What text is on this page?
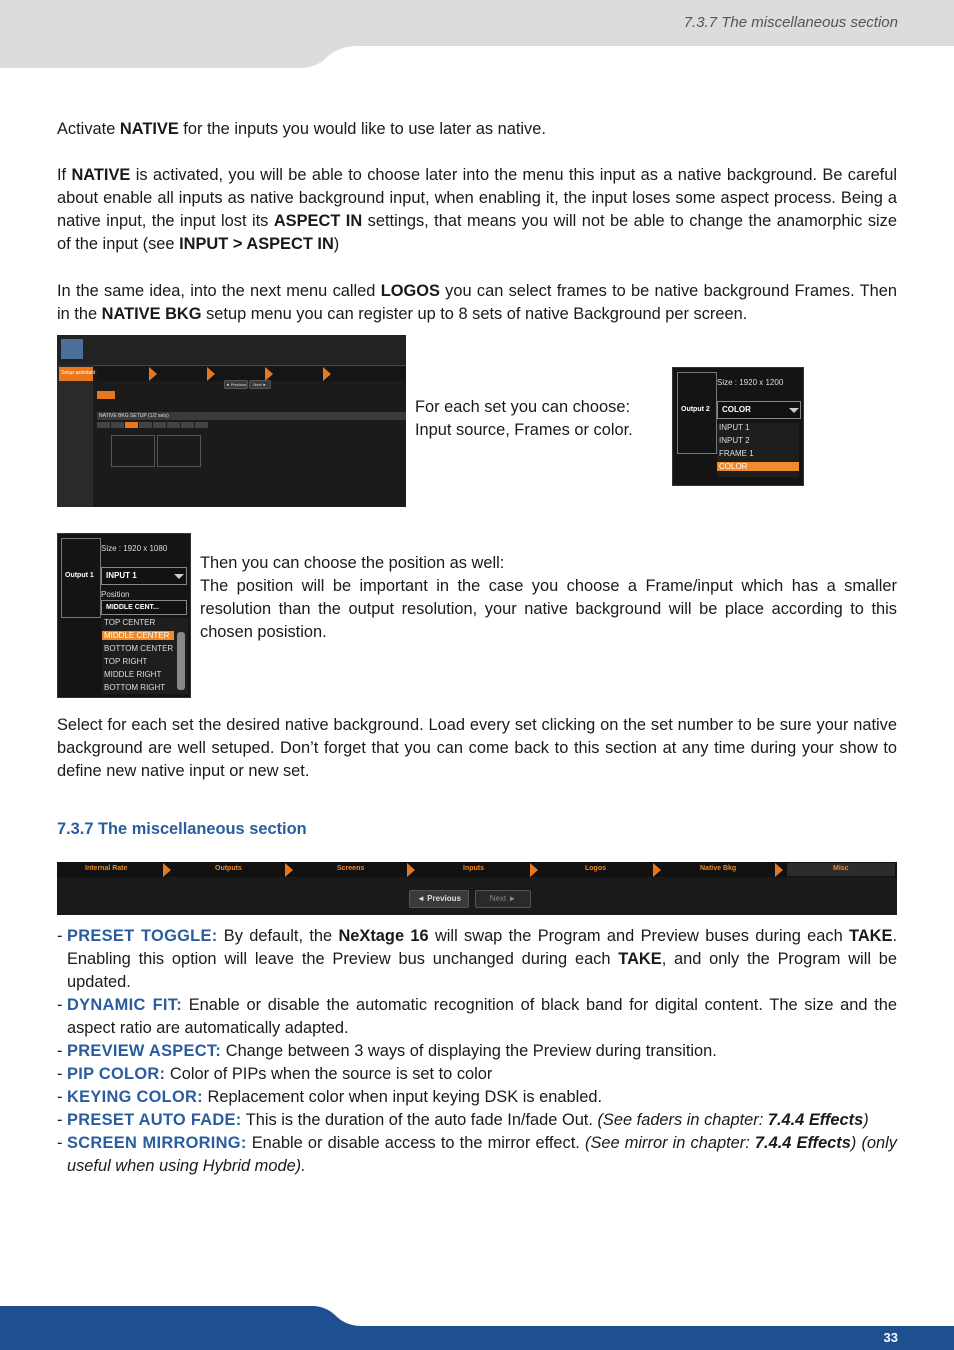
7.3.7 The miscellaneous section
Activate NATIVE for the inputs you would like to use later as native.
If NATIVE is activated, you will be able to choose later into the menu this input as a native background. Be careful about enable all inputs as native background input, when enabling it, the input loses some aspect process. Being a native input, the input lost its ASPECT IN settings, that means you will not be able to change the anamorphic size of the input (see INPUT > ASPECT IN)
In the same idea, into the next menu called LOGOS you can select frames to be native background Frames. Then in the NATIVE BKG setup menu you can register up to 8 sets of native Background per screen.
Setup assistant
◄ Previous	Next ►
NATIVE BKG SETUP (1/2 sets)	For each set you can choose:
Input source, Frames or color.
Output 2
Size : 1920 x 1200
COLOR
INPUT 1
INPUT 2
FRAME 1
COLOR
Output 1
Size : 1920 x 1080
INPUT 1
Position
MIDDLE CENT...
TOP CENTER
MIDDLE CENTER
BOTTOM CENTER
TOP RIGHT
MIDDLE RIGHT
BOTTOM RIGHT
Then you can choose the position as well:
The position will be important in the case you choose a Frame/input which has a smaller resolution than the output resolution, your native background will be place according to this chosen posistion.
Select for each set the desired native background. Load every set clicking on the set number to be sure your native background are well setuped. Don’t forget that you can come back to this section at any time during your show to define new native input or new set.
7.3.7 The miscellaneous section
Internal Rate	Outputs	Screens	Inputs	Logos	Native Bkg	Misc
◄ Previous	Next ►
- PRESET TOGGLE: By default, the NeXtage 16 will swap the Program and Preview buses during each TAKE. Enabling this option will leave the Preview bus unchanged during each TAKE, and only the Program will be updated.
- DYNAMIC FIT: Enable or disable the automatic recognition of black band for digital content. The size and the aspect ratio are automatically adapted.
- PREVIEW ASPECT: Change between 3 ways of displaying the Preview during transition.
- PIP COLOR: Color of PIPs when the source is set to color
- KEYING COLOR: Replacement color when input keying DSK is enabled.
- PRESET AUTO FADE: This is the duration of the auto fade In/fade Out. (See faders in chapter: 7.4.4 Effects)
- SCREEN MIRRORING: Enable or disable access to the mirror effect. (See mirror in chapter: 7.4.4 Effects) (only useful when using Hybrid mode).
33
